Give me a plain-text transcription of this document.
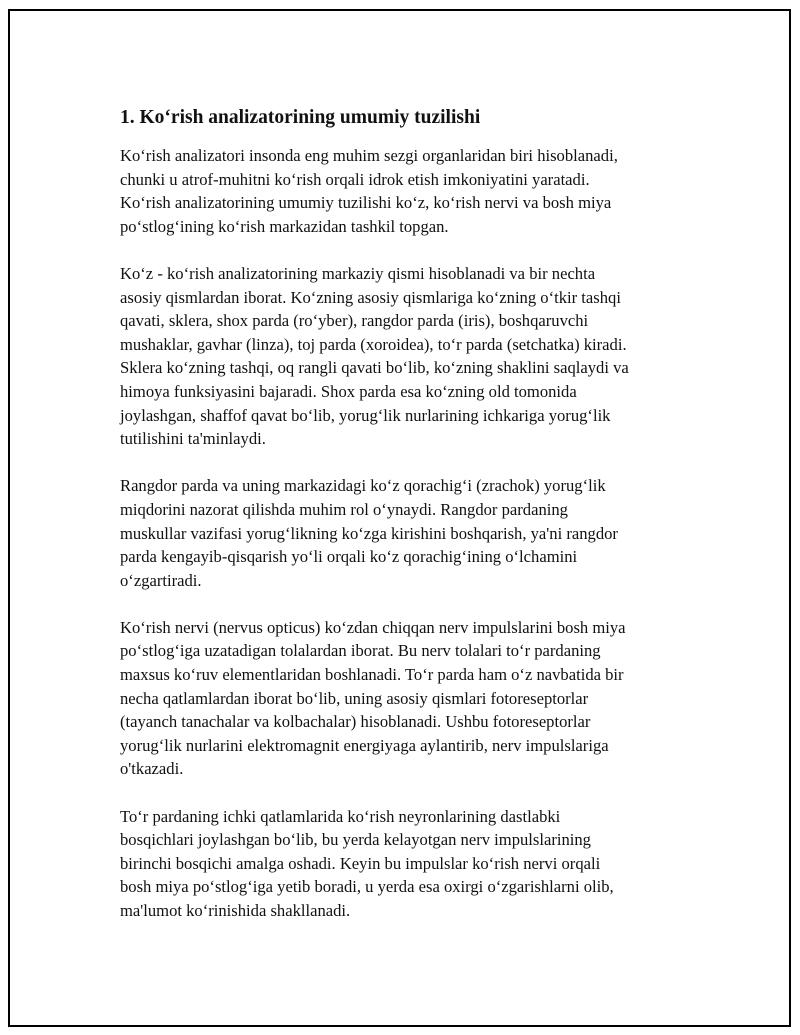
1. Ko‘rish analizatorining umumiy tuzilishi

Ko‘rish analizatori insonda eng muhim sezgi organlaridan biri hisoblanadi,
chunki u atrof-muhitni ko‘rish orqali idrok etish imkoniyatini yaratadi.
Ko‘rish analizatorining umumiy tuzilishi ko‘z, ko‘rish nervi va bosh miya
po‘stlog‘ining ko‘rish markazidan tashkil topgan.

Ko‘z - ko‘rish analizatorining markaziy qismi hisoblanadi va bir nechta
asosiy qismlardan iborat. Ko‘zning asosiy qismlariga ko‘zning o‘tkir tashqi
qavati, sklera, shox parda (ro‘yber), rangdor parda (iris), boshqaruvchi
mushaklar, gavhar (linza), toj parda (xoroidea), to‘r parda (setchatka) kiradi.
Sklera ko‘zning tashqi, oq rangli qavati bo‘lib, ko‘zning shaklini saqlaydi va
himoya funksiyasini bajaradi. Shox parda esa ko‘zning old tomonida
joylashgan, shaffof qavat bo‘lib, yorug‘lik nurlarining ichkariga yorug‘lik
tutilishini ta'minlaydi.

Rangdor parda va uning markazidagi ko‘z qorachig‘i (zrachok) yorug‘lik
miqdorini nazorat qilishda muhim rol o‘ynaydi. Rangdor pardaning
muskullar vazifasi yorug‘likning ko‘zga kirishini boshqarish, ya'ni rangdor
parda kengayib-qisqarish yo‘li orqali ko‘z qorachig‘ining o‘lchamini
o‘zgartiradi.

Ko‘rish nervi (nervus opticus) ko‘zdan chiqqan nerv impulslarini bosh miya
po‘stlog‘iga uzatadigan tolalardan iborat. Bu nerv tolalari to‘r pardaning
maxsus ko‘ruv elementlaridan boshlanadi. To‘r parda ham o‘z navbatida bir
necha qatlamlardan iborat bo‘lib, uning asosiy qismlari fotoreseptorlar
(tayanch tanachalar va kolbachalar) hisoblanadi. Ushbu fotoreseptorlar
yorug‘lik nurlarini elektromagnit energiyaga aylantirib, nerv impulslariga
o'tkazadi.

To‘r pardaning ichki qatlamlarida ko‘rish neyronlarining dastlabki
bosqichlari joylashgan bo‘lib, bu yerda kelayotgan nerv impulslarining
birinchi bosqichi amalga oshadi. Keyin bu impulslar ko‘rish nervi orqali
bosh miya po‘stlog‘iga yetib boradi, u yerda esa oxirgi o‘zgarishlarni olib,
ma'lumot ko‘rinishida shakllanadi.
